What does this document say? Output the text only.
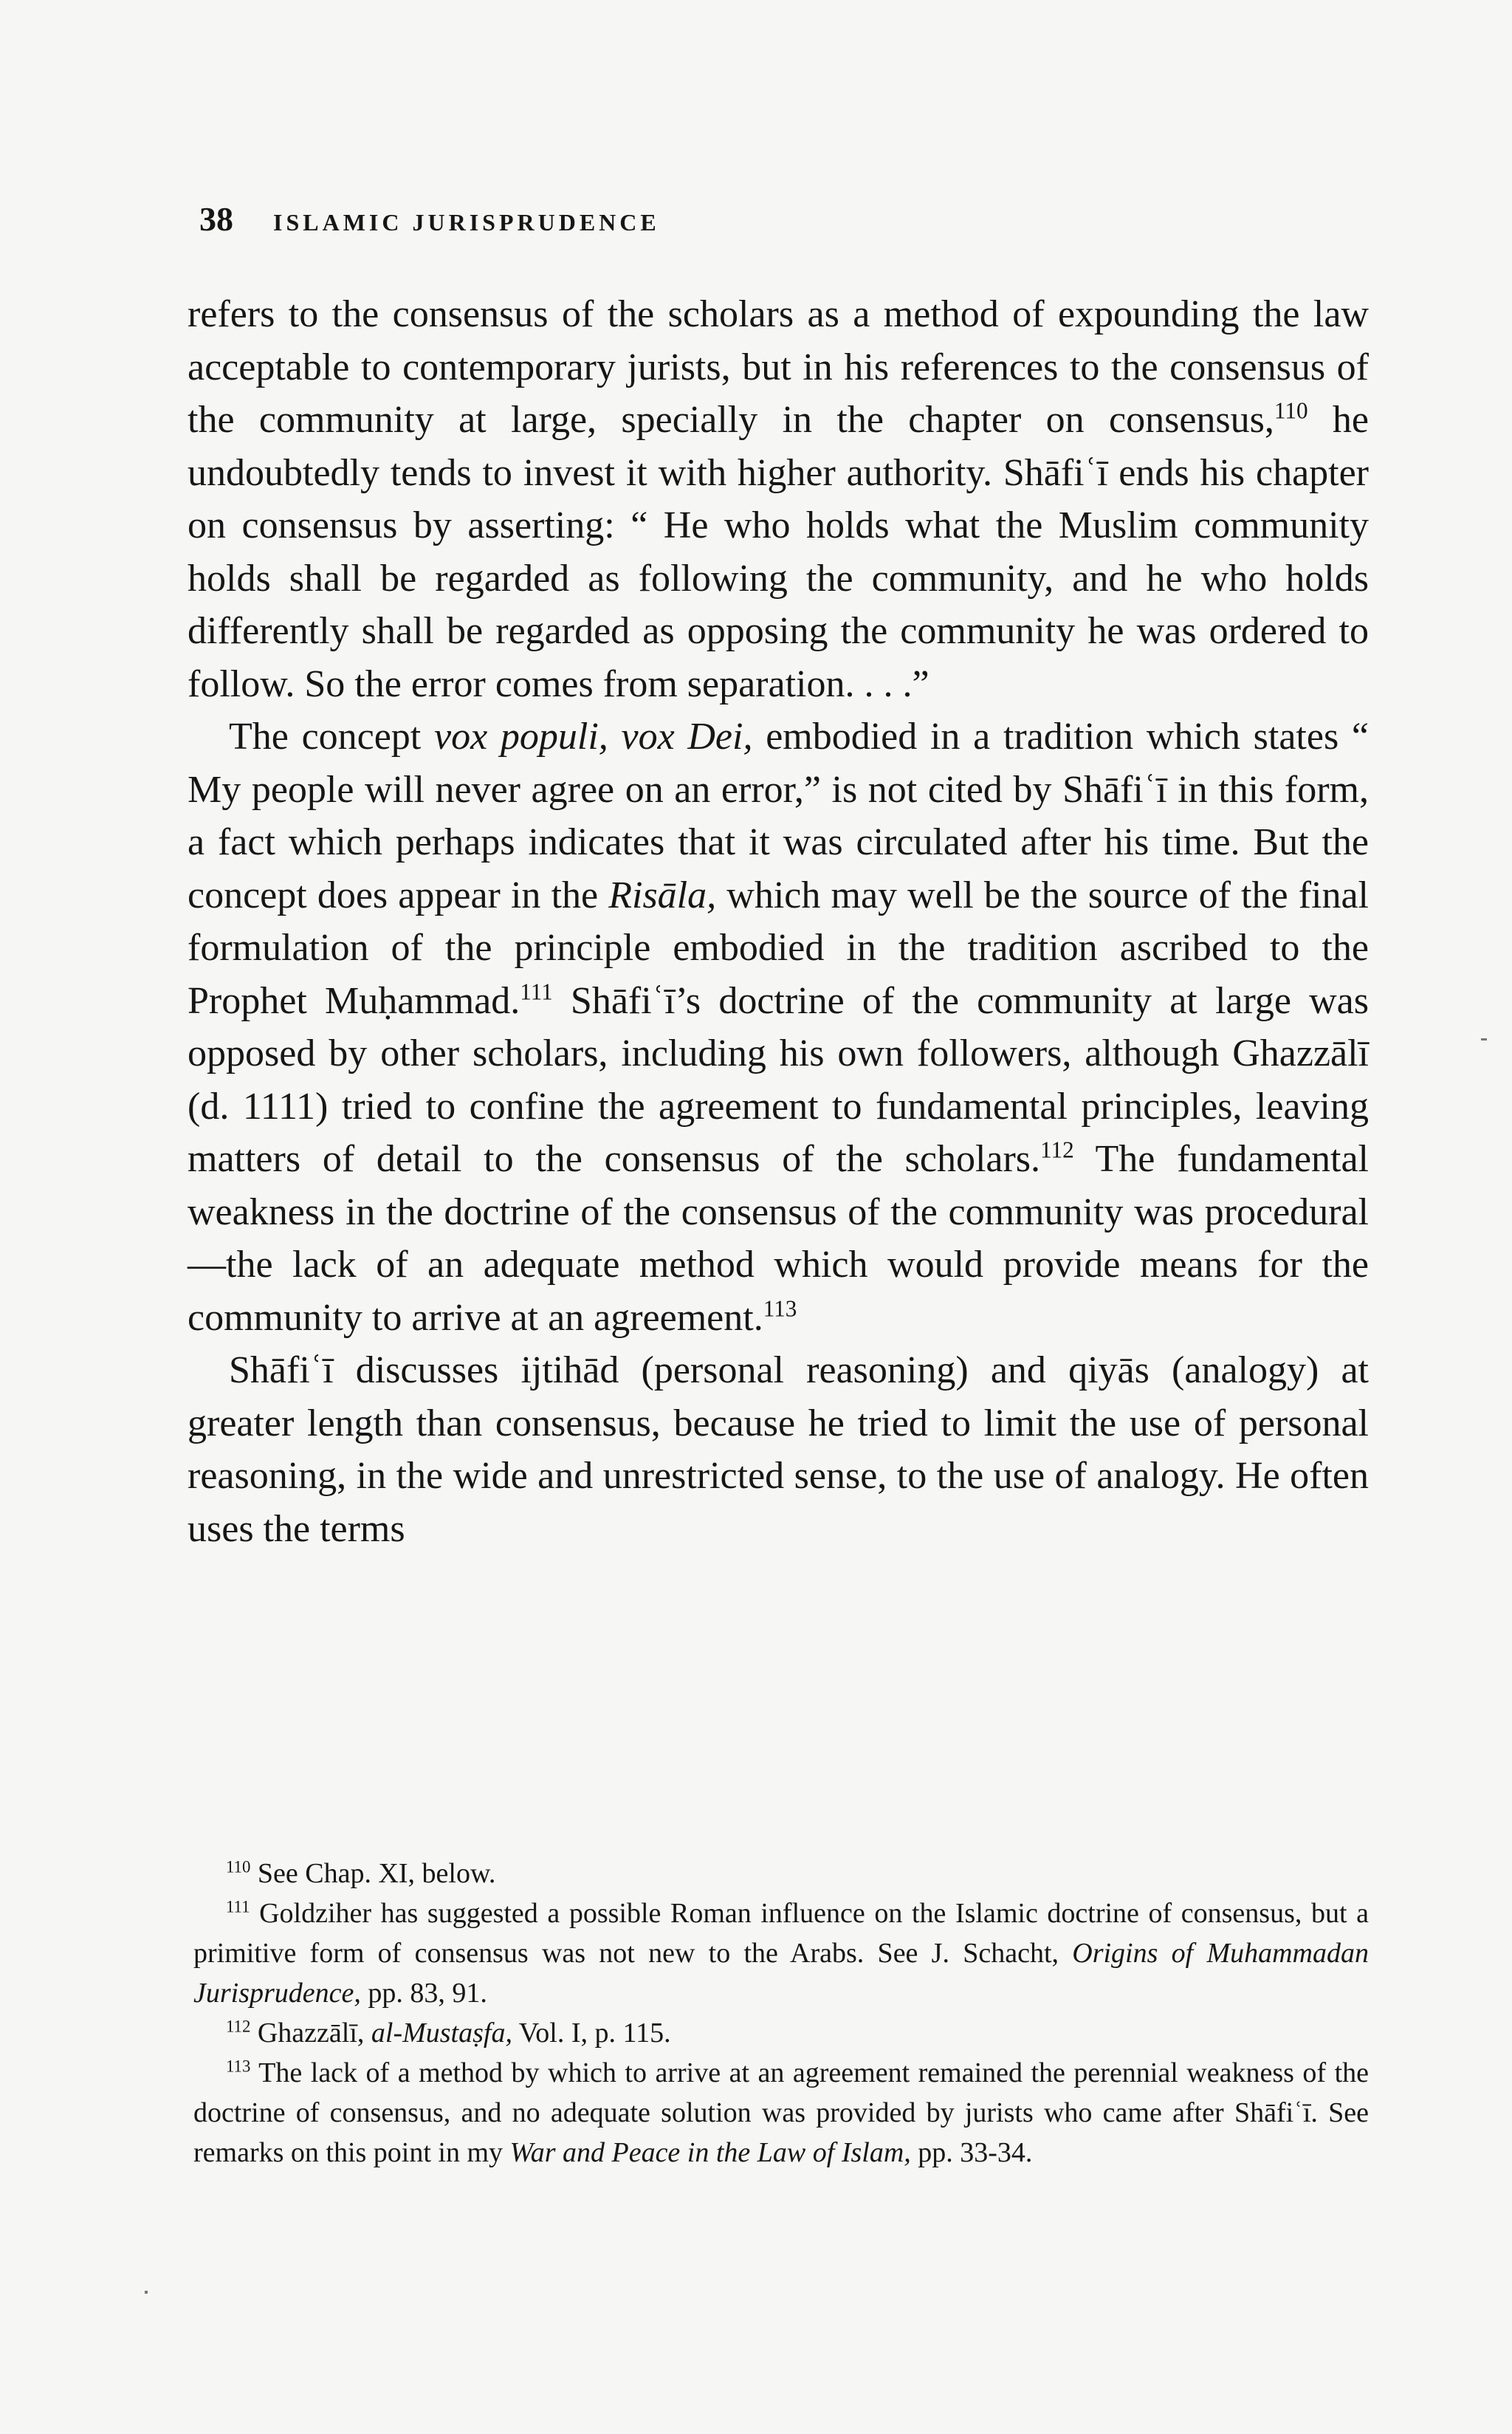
38 ISLAMIC JURISPRUDENCE

refers to the consensus of the scholars as a method of expounding the law acceptable to contemporary jurists, but in his references to the consensus of the community at large, specially in the chapter on consensus,$^{110}$ he undoubtedly tends to invest it with higher authority. Shāfiʿī ends his chapter on consensus by asserting: “ He who holds what the Muslim community holds shall be regarded as following the community, and he who holds differently shall be regarded as opposing the community he was ordered to follow. So the error comes from separation. . . .”

The concept vox populi, vox Dei, embodied in a tradition which states “ My people will never agree on an error,” is not cited by Shāfiʿī in this form, a fact which perhaps indicates that it was circulated after his time. But the concept does appear in the Risāla, which may well be the source of the final formulation of the principle embodied in the tradition ascribed to the Prophet Muḥammad.$^{111}$ Shāfiʿī’s doctrine of the community at large was opposed by other scholars, including his own followers, although Ghazzālī (d. 1111) tried to confine the agreement to fundamental principles, leaving matters of detail to the consensus of the scholars.$^{112}$ The fundamental weakness in the doctrine of the consensus of the community was procedural—the lack of an adequate method which would provide means for the community to arrive at an agreement.$^{113}$

Shāfiʿī discusses ijtihād (personal reasoning) and qiyās (analogy) at greater length than consensus, because he tried to limit the use of personal reasoning, in the wide and unrestricted sense, to the use of analogy. He often uses the terms

$^{110}$ See Chap. XI, below.

$^{111}$ Goldziher has suggested a possible Roman influence on the Islamic doctrine of consensus, but a primitive form of consensus was not new to the Arabs. See J. Schacht, Origins of Muhammadan Jurisprudence, pp. 83, 91.

$^{112}$ Ghazzālī, al-Mustaṣfa, Vol. I, p. 115.

$^{113}$ The lack of a method by which to arrive at an agreement remained the perennial weakness of the doctrine of consensus, and no adequate solution was provided by jurists who came after Shāfiʿī. See remarks on this point in my War and Peace in the Law of Islam, pp. 33-34.
